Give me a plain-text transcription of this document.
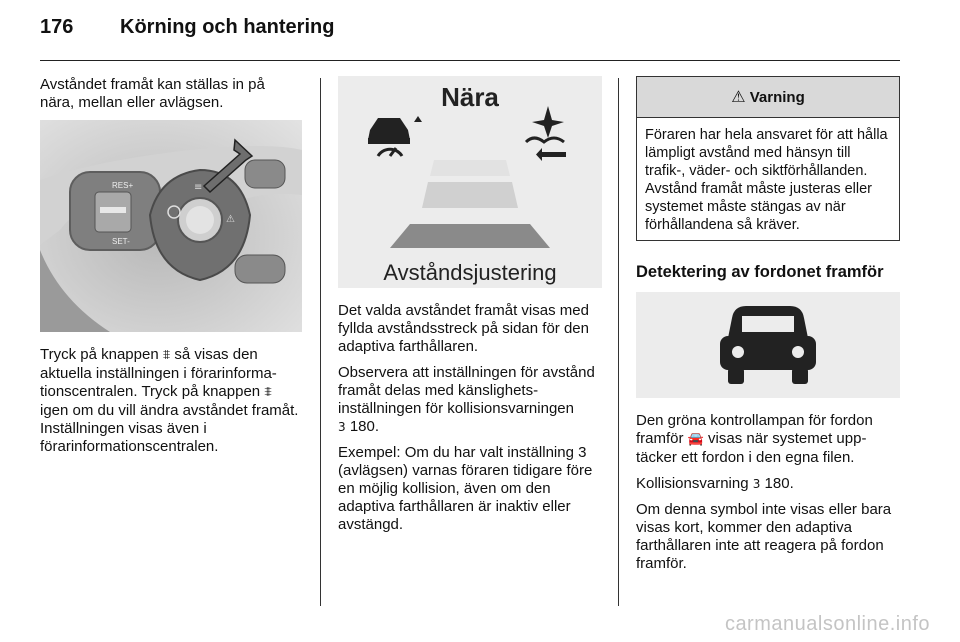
176 Körning och hantering

Avståndet framåt kan ställas in på nära, mellan eller avlägsen.

RES+
SET-
⚠
≡

Tryck på knappen ⩨ så visas den aktuella inställningen i förarinformationscentralen. Tryck på knappen ⩨ igen om du vill ändra avståndet framåt. Inställningen visas även i förarinformationscentralen.

Nära
Avståndsjustering

Det valda avståndet framåt visas med fyllda avståndsstreck på sidan för den adaptiva farthållaren.

Observera att inställningen för avstånd framåt delas med känslighetsinställningen för kollisionsvarningen
3 180.

Exempel: Om du har valt inställning 3 (avlägsen) varnas föraren tidigare före en möjlig kollision, även om den adaptiva farthållaren är inaktiv eller avstängd.

⚠ Varning
Föraren har hela ansvaret för att hålla lämpligt avstånd med hänsyn till trafik-, väder- och siktförhållanden. Avstånd framåt måste justeras eller systemet måste stängas av när förhållandena så kräver.
Detektering av fordonet framför

Den gröna kontrollampan för fordon framför 🚘 visas när systemet upptäcker ett fordon i den egna filen.

Kollisionsvarning 3 180.

Om denna symbol inte visas eller bara visas kort, kommer den adaptiva farthållaren inte att reagera på fordon framför.

carmanualsonline.info
